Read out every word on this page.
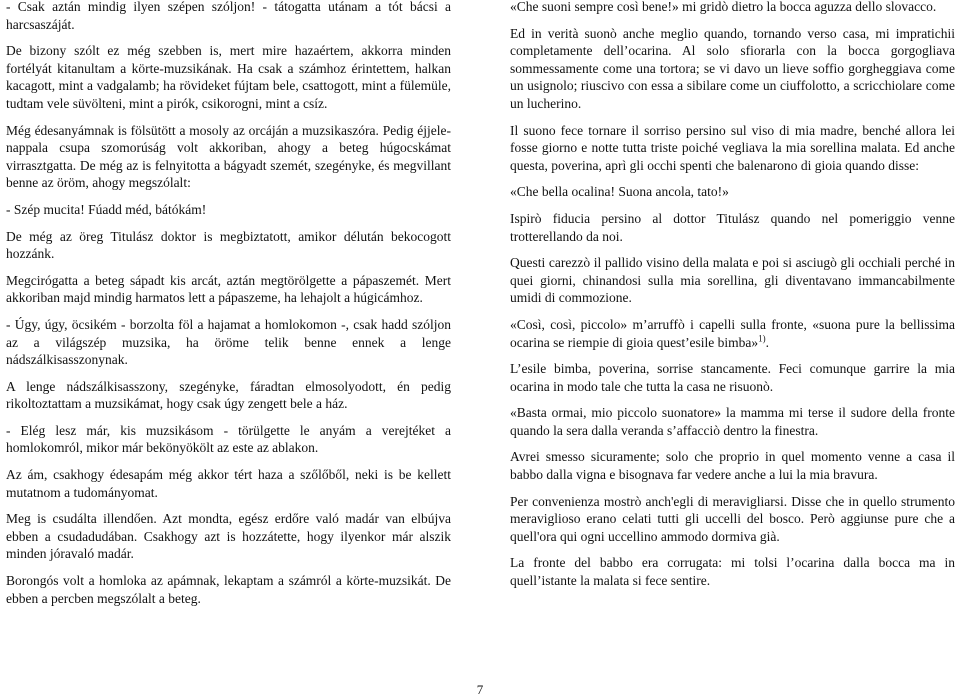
- Csak aztán mindig ilyen szépen szóljon! - tátogatta utánam a tót bácsi a harcsaszáját.

De bizony szólt ez még szebben is, mert mire hazaértem, akkorra minden fortélyát kitanultam a körte-muzsikának. Ha csak a számhoz érintettem, halkan kacagott, mint a vadgalamb; ha rövideket fújtam bele, csattogott, mint a fülemüle, tudtam vele süvölteni, mint a pirók, csikorogni, mint a csíz.

Még édesanyámnak is fölsütött a mosoly az orcáján a muzsikaszóra. Pedig éjjele-nappala csupa szomorúság volt akkoriban, ahogy a beteg húgocskámat virrasztgatta. De még az is felnyitotta a bágyadt szemét, szegényke, és megvillant benne az öröm, ahogy megszólalt:

- Szép mucita! Fúadd méd, bátókám!

De még az öreg Titulász doktor is megbiztatott, amikor délután bekocogott hozzánk.

Megcirógatta a beteg sápadt kis arcát, aztán megtörölgette a pápaszemét. Mert akkoriban majd mindig harmatos lett a pápaszeme, ha lehajolt a húgicámhoz.

- Úgy, úgy, öcsikém - borzolta föl a hajamat a homlokomon -, csak hadd szóljon az a világszép muzsika, ha öröme telik benne ennek a lenge nádszálkisasszonynak.

A lenge nádszálkisasszony, szegényke, fáradtan elmosolyodott, én pedig rikoltoztattam a muzsikámat, hogy csak úgy zengett bele a ház.

- Elég lesz már, kis muzsikásom - törülgette le anyám a verejtéket a homlokomról, mikor már bekönyökölt az este az ablakon.

Az ám, csakhogy édesapám még akkor tért haza a szőlőből, neki is be kellett mutatnom a tudományomat.

Meg is csudálta illendően. Azt mondta, egész erdőre való madár van elbújva ebben a csudadudában. Csakhogy azt is hozzátette, hogy ilyenkor már alszik minden jóravaló madár.

Borongós volt a homloka az apámnak, lekaptam a számról a körte-muzsikát. De ebben a percben megszólalt a beteg.

«Che suoni sempre così bene!» mi gridò dietro la bocca aguzza dello slovacco.

Ed in verità suonò anche meglio quando, tornando verso casa, mi impratichii completamente dell’ocarina. Al solo sfiorarla con la bocca gorgogliava sommessamente come una tortora; se vi davo un lieve soffio gorgheggiava come un usignolo; riuscivo con essa a sibilare come un ciuffolotto, a scricchiolare come un lucherino.

Il suono fece tornare il sorriso persino sul viso di mia madre, benché allora lei fosse giorno e notte tutta triste poiché vegliava la mia sorellina malata. Ed anche questa, poverina, aprì gli occhi spenti che balenarono di gioia quando disse:

«Che bella ocalina! Suona ancola, tato!»

Ispirò fiducia persino al dottor Titulász quando nel pomeriggio venne trotterellando da noi.

Questi carezzò il pallido visino della malata e poi si asciugò gli occhiali perché in quei giorni, chinandosi sulla mia sorellina, gli diventavano immancabilmente umidi di commozione.

«Così, così, piccolo» m’arruffò i capelli sulla fronte, «suona pure la bellissima ocarina se riempie di gioia quest’esile bimba»$^{1)}$.

L’esile bimba, poverina, sorrise stancamente. Feci comunque garrire la mia ocarina in modo tale che tutta la casa ne risuonò.

«Basta ormai, mio piccolo suonatore» la mamma mi terse il sudore della fronte quando la sera dalla veranda s’affacciò dentro la finestra.

Avrei smesso sicuramente; solo che proprio in quel momento venne a casa il babbo dalla vigna e bisognava far vedere anche a lui la mia bravura.

Per convenienza mostrò anch'egli di meravigliarsi. Disse che in quello strumento meraviglioso erano celati tutti gli uccelli del bosco. Però aggiunse pure che a quell'ora qui ogni uccellino ammodo dormiva già.

La fronte del babbo era corrugata: mi tolsi l’ocarina dalla bocca ma in quell’istante la malata si fece sentire.

7
